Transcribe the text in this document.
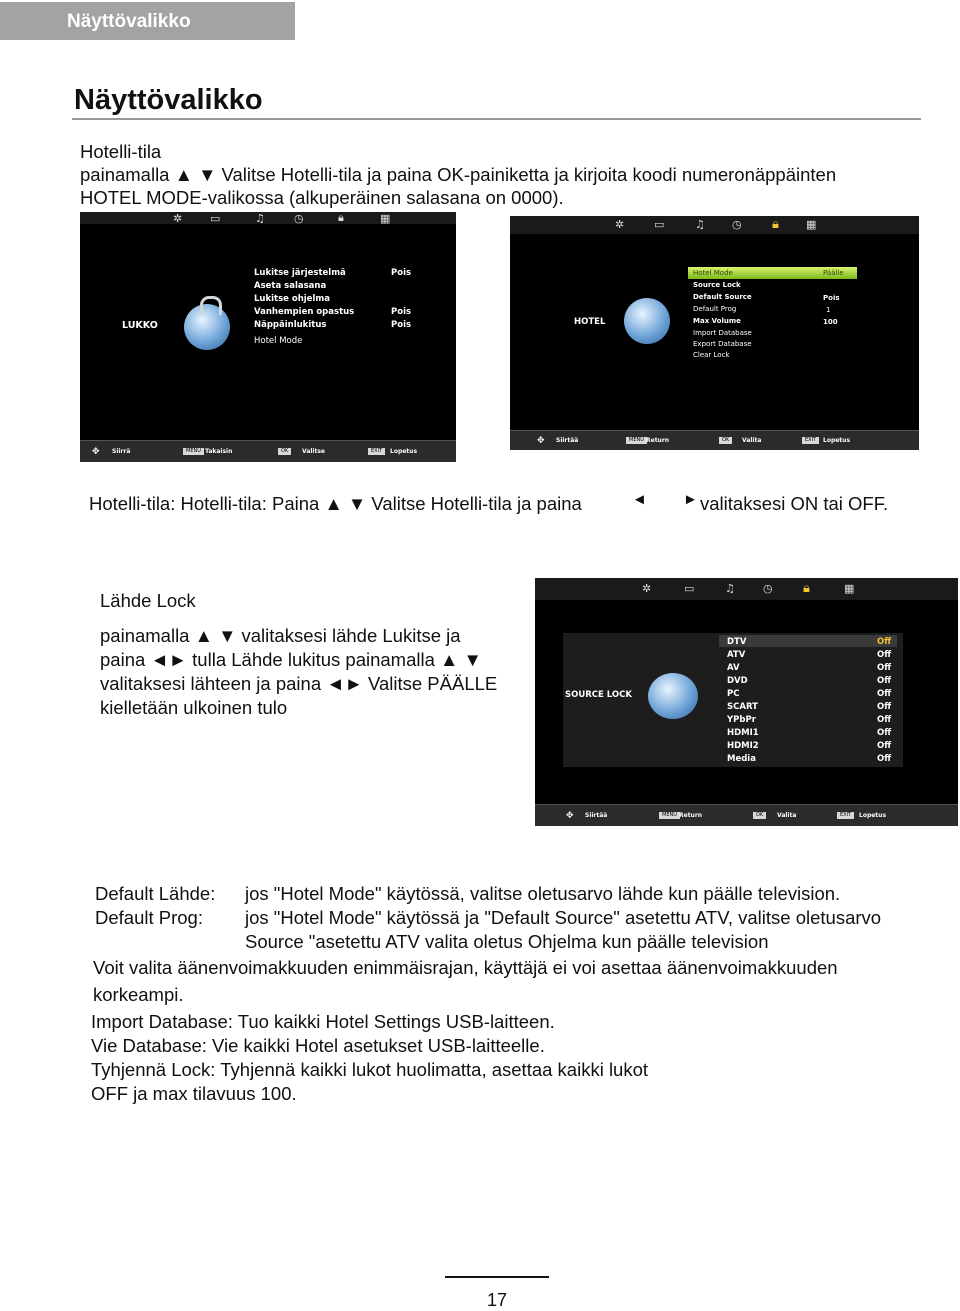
Näyttövalikko
Näyttövalikko
Hotelli-tila
painamalla ▲ ▼ Valitse Hotelli-tila ja paina OK-painiketta ja kirjoita koodi numeronäppäinten
HOTEL MODE-valikossa (alkuperäinen salasana on 0000).
✲	▭	♫	◷	🔒︎	▦
LUKKO
Lukitse järjestelmä	Pois
Aseta salasana
Lukitse ohjelma
Vanhempien opastus	Pois
Näppäinlukitus	Pois
Hotel Mode
✥ Siirrä	MENU Takaisin	OK	Valitse	EXIT	Lopetus
✲	▭	♫ ◷ 🔒︎ ▦
HOTEL
Hotel Mode	Päälle
Source Lock
Default Source	Pois
Default Prog	1
Max Volume	100
Import Database
Export Database
Clear Lock
✥ Siirtää	MENU Return	OK	Valita	EXIT	Lopetus
Hotelli-tila: Hotelli-tila: Paina ▲ ▼ Valitse Hotelli-tila ja paina	◄ ►
valitaksesi ON tai OFF.
Lähde Lock
painamalla ▲ ▼ valitaksesi lähde Lukitse ja
paina ◄► tulla Lähde lukitus painamalla ▲ ▼
valitaksesi lähteen ja paina ◄► Valitse PÄÄLLE
kielletään ulkoinen tulo
✲	▭	♫	◷ 🔒︎	▦
SOURCE LOCK
DTV	Off
ATV	Off
AV	Off
DVD	Off
PC	Off
SCART	Off
YPbPr	Off
HDMI1	Off
HDMI2	Off
Media	Off
✥ Siirtää	MENU Return	OK	Valita	EXIT	Lopetus
Default Lähde: jos "Hotel Mode" käytössä, valitse oletusarvo lähde kun päälle television.
Default Prog: jos "Hotel Mode" käytössä ja "Default Source" asetettu ATV, valitse oletusarvo
Source "asetettu ATV valita oletus Ohjelma kun päälle television
Voit valita äänenvoimakkuuden enimmäisrajan, käyttäjä ei voi asettaa äänenvoimakkuuden
korkeampi.
Import Database: Tuo kaikki Hotel Settings USB-laitteen.
Vie Database: Vie kaikki Hotel asetukset USB-laitteelle.
Tyhjennä Lock: Tyhjennä kaikki lukot huolimatta, asettaa kaikki lukot
OFF ja max tilavuus 100.
17
